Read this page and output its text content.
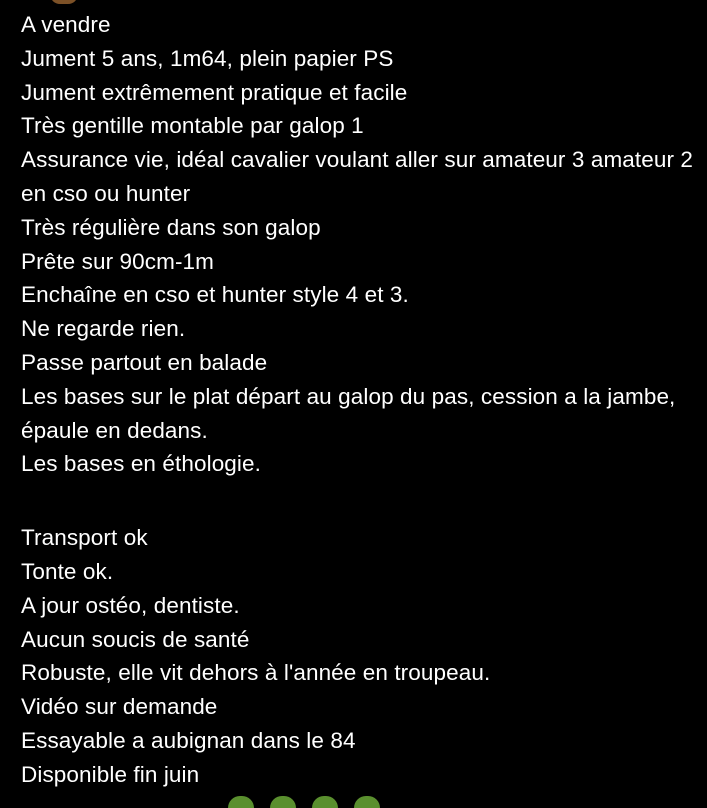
A vendre
Jument 5 ans, 1m64, plein papier PS
Jument extrêmement pratique et facile
Très gentille montable par galop 1
Assurance vie, idéal cavalier voulant aller sur amateur 3 amateur 2 en cso ou hunter
Très régulière dans son galop
Prête sur 90cm-1m
Enchaîne en cso et hunter style 4 et 3.
Ne regarde rien.
Passe partout en balade
Les bases sur le plat départ au galop du pas, cession a la jambe, épaule en dedans.
Les bases en éthologie.
Transport ok
Tonte ok.
A jour ostéo, dentiste.
Aucun soucis de santé
Robuste, elle vit dehors à l'année en troupeau.
Vidéo sur demande
Essayable a aubignan dans le 84
Disponible fin juin
